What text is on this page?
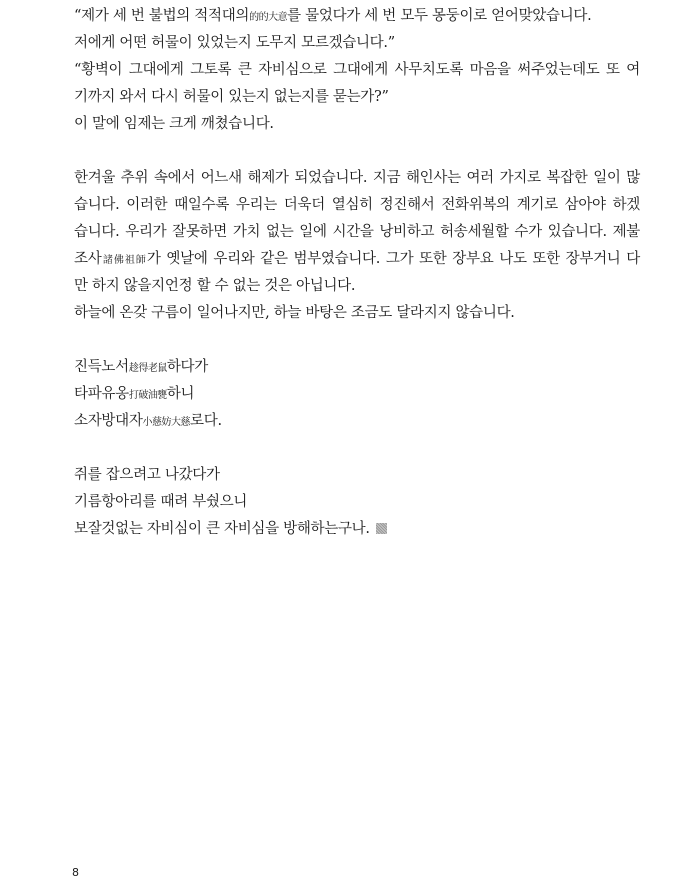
“제가 세 번 불법의 적적대의的的大意를 물었다가 세 번 모두 몽둥이로 얻어맞았습니다.
저에게 어떤 허물이 있었는지 도무지 모르겠습니다.”
“황벽이 그대에게 그토록 큰 자비심으로 그대에게 사무치도록 마음을 써주었는데도 또 여
기까지 와서 다시 허물이 있는지 없는지를 묻는가?”
이 말에 임제는 크게 깨쳤습니다.
한겨울 추위 속에서 어느새 해제가 되었습니다. 지금 해인사는 여러 가지로 복잡한 일이 많
습니다. 이러한 때일수록 우리는 더욱더 열심히 정진해서 전화위복의 계기로 삼아야 하겠
습니다. 우리가 잘못하면 가치 없는 일에 시간을 낭비하고 허송세월할 수가 있습니다. 제불
조사諸佛祖師가 옛날에 우리와 같은 범부였습니다. 그가 또한 장부요 나도 또한 장부거니 다
만 하지 않을지언정 할 수 없는 것은 아닙니다.
하늘에 온갖 구름이 일어나지만, 하늘 바탕은 조금도 달라지지 않습니다.
진득노서趁得老鼠하다가
타파유옹打破油甕하니
소자방대자小慈妨大慈로다.
쥐를 잡으려고 나갔다가
기름항아리를 때려 부쉈으니
보잘것없는 자비심이 큰 자비심을 방해하는구나.
8
